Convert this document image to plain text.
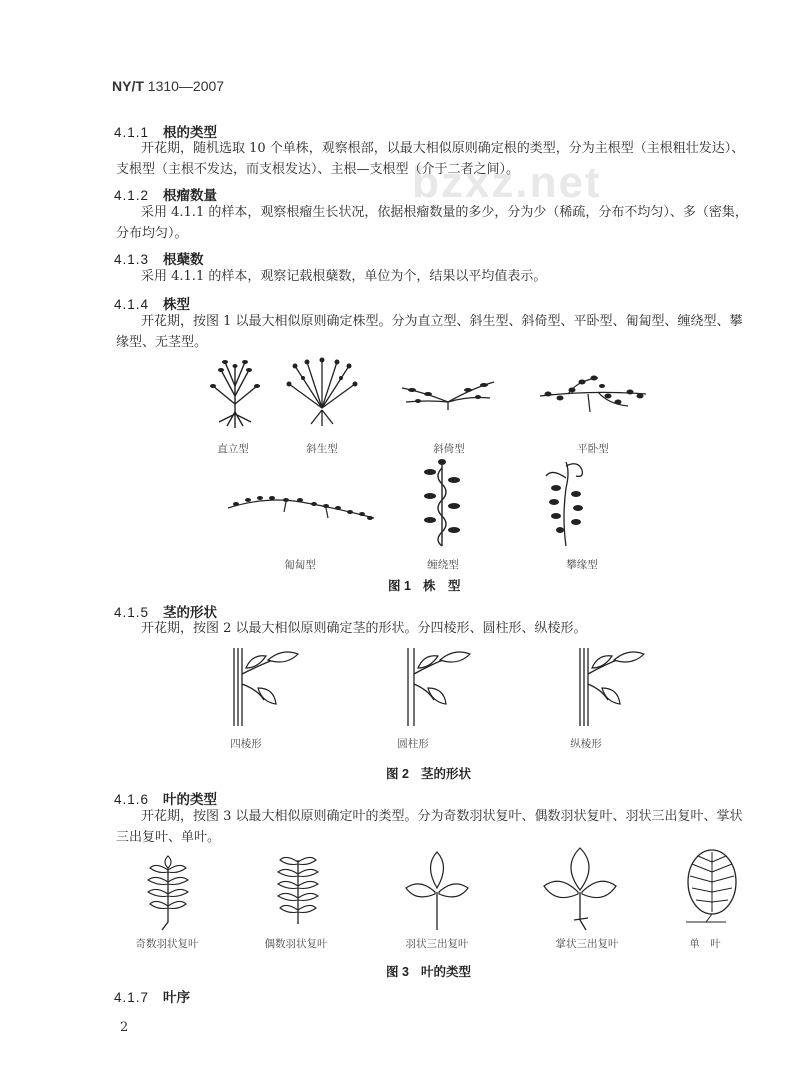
NY/T 1310—2007
bzxz.net
4.1.1 根的类型
开花期，随机选取 10 个单株，观察根部，以最大相似原则确定根的类型，分为主根型（主根粗壮发达）、支根型（主根不发达，而支根发达）、主根—支根型（介于二者之间）。
4.1.2 根瘤数量
采用 4.1.1 的样本，观察根瘤生长状况，依据根瘤数量的多少，分为少（稀疏，分布不均匀）、多（密集，分布均匀）。
4.1.3 根蘖数
采用 4.1.1 的样本，观察记载根蘖数，单位为个，结果以平均值表示。
4.1.4 株型
开花期，按图 1 以最大相似原则确定株型。分为直立型、斜生型、斜倚型、平卧型、匍匐型、缠绕型、攀缘型、无茎型。
直立型	斜生型	斜倚型	平卧型
匍匐型	缠绕型	攀缘型
图 1 株　型
4.1.5 茎的形状
开花期，按图 2 以最大相似原则确定茎的形状。分四棱形、圆柱形、纵棱形。
四棱形	圆柱形	纵棱形
图 2 茎的形状
4.1.6 叶的类型
开花期，按图 3 以最大相似原则确定叶的类型。分为奇数羽状复叶、偶数羽状复叶、羽状三出复叶、掌状三出复叶、单叶。
奇数羽状复叶	偶数羽状复叶	羽状三出复叶	掌状三出复叶	单　叶
图 3 叶的类型
4.1.7 叶序
2
